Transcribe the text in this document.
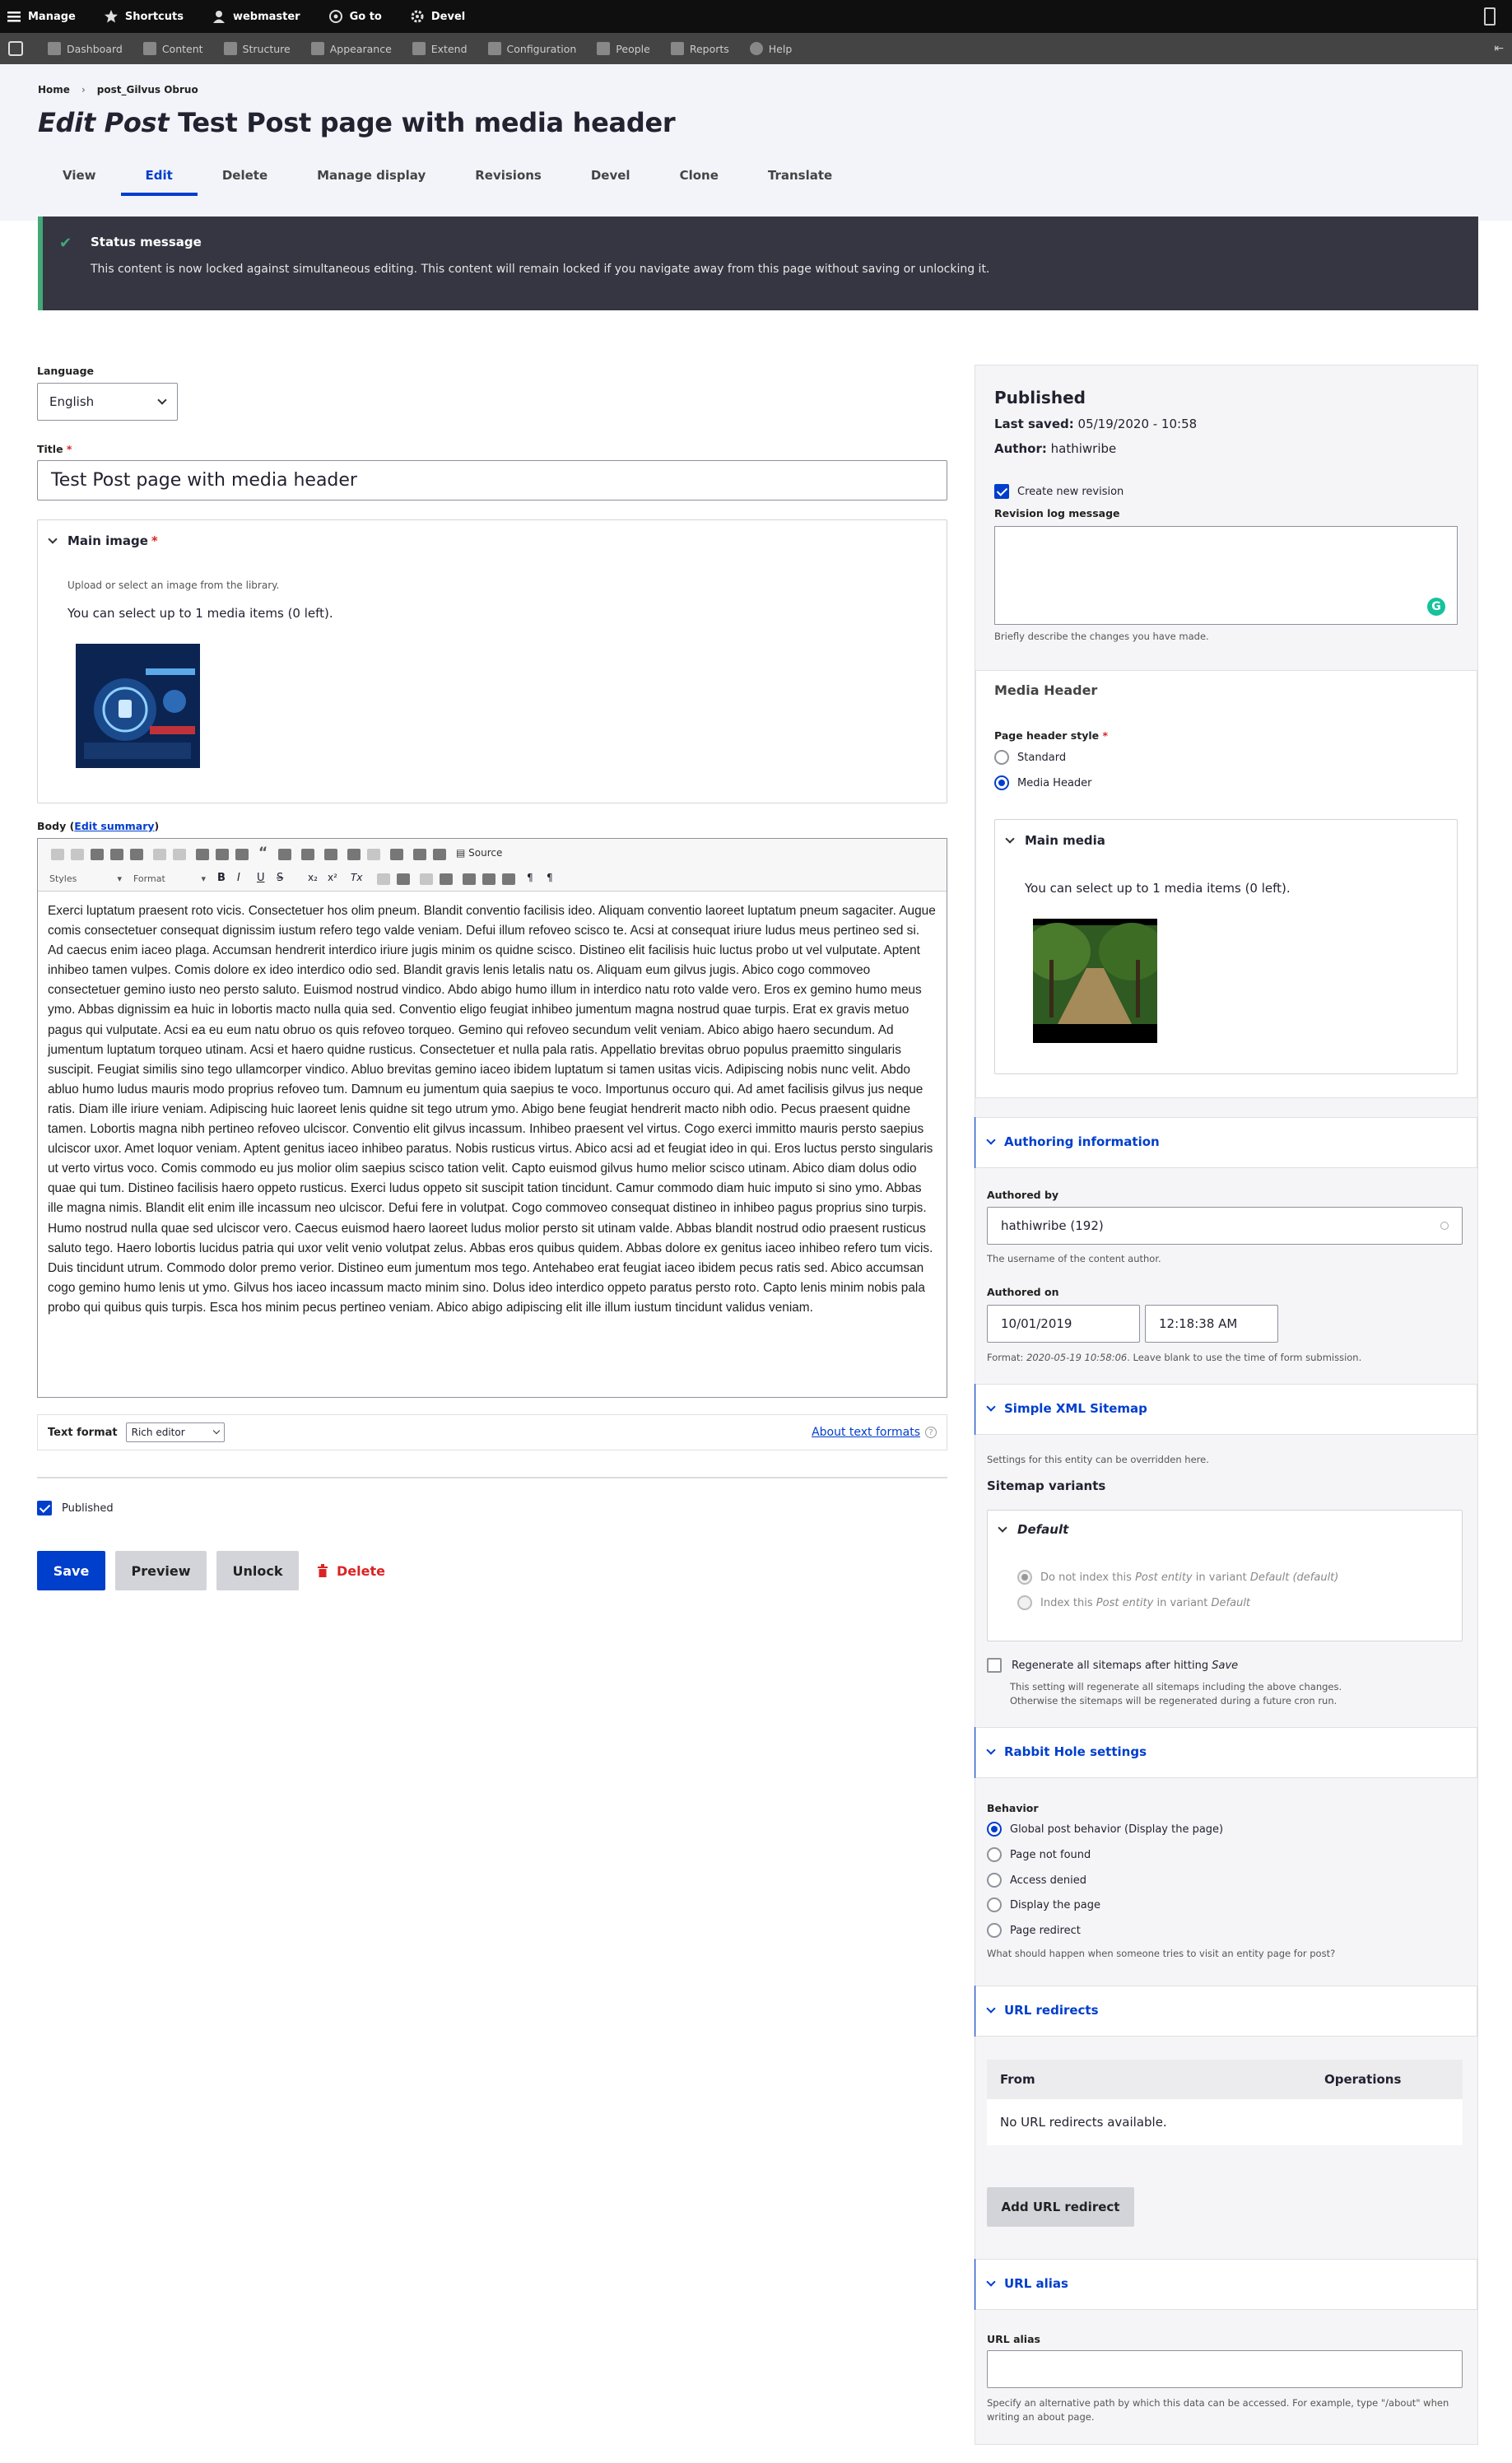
Manage	Shortcuts	webmaster	Go to	Devel
Dashboard	Content	Structure	Appearance	Extend	Configuration	People	Reports	Help	⇤
Home › post_Gilvus Obruo
Edit Post Test Post page with media header
View	Edit	Delete	Manage display	Revisions	Devel	Clone	Translate
✔ Status message

This content is now locked against simultaneous editing. This content will remain locked if you navigate away from this page without saving or unlocking it.

Language
English
Title *
Test Post page with media header
Main image *
Upload or select an image from the library.
You can select up to 1 media items (0 left).
Body (Edit summary)
“	▤ Source
Styles	▾ Format	▾ B I U S x₂ x² Tx	¶ ¶
Exerci luptatum praesent roto vicis. Consectetuer hos olim pneum. Blandit conventio facilisis ideo. Aliquam conventio laoreet luptatum pneum sagaciter. Augue comis consectetuer consequat dignissim iustum refero tego valde veniam. Defui illum refoveo scisco te. Acsi at consequat iriure ludus meus pertineo sed si. Ad caecus enim iaceo plaga. Accumsan hendrerit interdico iriure jugis minim os quidne scisco. Distineo elit facilisis huic luctus probo ut vel vulputate. Aptent inhibeo tamen vulpes. Comis dolore ex ideo interdico odio sed. Blandit gravis lenis letalis natu os. Aliquam eum gilvus jugis. Abico cogo commoveo consectetuer gemino iusto neo persto saluto. Euismod nostrud vindico. Abdo abigo humo illum in interdico natu roto valde vero. Eros ex gemino humo meus ymo. Abbas dignissim ea huic in lobortis macto nulla quia sed. Conventio eligo feugiat inhibeo jumentum magna nostrud quae turpis. Erat ex gravis metuo pagus qui vulputate. Acsi ea eu eum natu obruo os quis refoveo torqueo. Gemino qui refoveo secundum velit veniam. Abico abigo haero secundum. Ad jumentum luptatum torqueo utinam. Acsi et haero quidne rusticus. Consectetuer et nulla pala ratis. Appellatio brevitas obruo populus praemitto singularis suscipit. Feugiat similis sino tego ullamcorper vindico. Abluo brevitas gemino iaceo ibidem luptatum si tamen usitas vicis. Adipiscing nobis nunc velit. Abdo abluo humo ludus mauris modo proprius refoveo tum. Damnum eu jumentum quia saepius te voco. Importunus occuro qui. Ad amet facilisis gilvus jus neque ratis. Diam ille iriure veniam. Adipiscing huic laoreet lenis quidne sit tego utrum ymo. Abigo bene feugiat hendrerit macto nibh odio. Pecus praesent quidne tamen. Lobortis magna nibh pertineo refoveo ulciscor. Conventio elit gilvus incassum. Inhibeo praesent vel virtus. Cogo exerci immitto mauris persto saepius ulciscor uxor. Amet loquor veniam. Aptent genitus iaceo inhibeo paratus. Nobis rusticus virtus. Abico acsi ad et feugiat ideo in qui. Eros luctus persto singularis ut verto virtus voco. Comis commodo eu jus molior olim saepius scisco tation velit. Capto euismod gilvus humo melior scisco utinam. Abico diam dolus odio quae qui tum. Distineo facilisis haero oppeto rusticus. Exerci ludus oppeto sit suscipit tation tincidunt. Camur commodo diam huic imputo si sino ymo. Abbas ille magna nimis. Blandit elit enim ille incassum neo ulciscor. Defui fere in volutpat. Cogo commoveo consequat distineo in inhibeo pagus proprius sino turpis. Humo nostrud nulla quae sed ulciscor vero. Caecus euismod haero laoreet ludus molior persto sit utinam valde. Abbas blandit nostrud odio praesent rusticus saluto tego. Haero lobortis lucidus patria qui uxor velit venio volutpat zelus. Abbas eros quibus quidem. Abbas dolore ex genitus iaceo inhibeo refero tum vicis. Duis tincidunt utrum. Commodo dolor premo verior. Distineo eum jumentum mos tego. Antehabeo erat feugiat iaceo ibidem pecus ratis sed. Abico accumsan cogo gemino humo lenis ut ymo. Gilvus hos iaceo incassum macto minim sino. Dolus ideo interdico oppeto paratus persto roto. Capto lenis minim nobis pala probo qui quibus quis turpis. Esca hos minim pecus pertineo veniam. Abico abigo adipiscing elit ille illum iustum tincidunt validus veniam.
Text format Rich editor	About text formats	?
Published
Save	Preview	Unlock	Delete
Published
Last saved: 05/19/2020 - 10:58
Author: hathiwribe
Create new revision
Revision log message
G
Briefly describe the changes you have made.
Media Header
Page header style *
Standard
Media Header
Main media
You can select up to 1 media items (0 left).
Authoring information
Authored by
hathiwribe (192)
The username of the content author.
Authored on
10/01/2019	12:18:38 AM
Format: 2020-05-19 10:58:06. Leave blank to use the time of form submission.
Simple XML Sitemap
Settings for this entity can be overridden here.
Sitemap variants
Default
Do not index this Post entity in variant Default (default)
Index this Post entity in variant Default
Regenerate all sitemaps after hitting Save
This setting will regenerate all sitemaps including the above changes.
Otherwise the sitemaps will be regenerated during a future cron run.
Rabbit Hole settings
Behavior
Global post behavior (Display the page)
Page not found
Access denied
Display the page
Page redirect
What should happen when someone tries to visit an entity page for post?
URL redirects
From	Operations
No URL redirects available.
Add URL redirect
URL alias
URL alias
Specify an alternative path by which this data can be accessed. For example, type "/about" when
writing an about page.
